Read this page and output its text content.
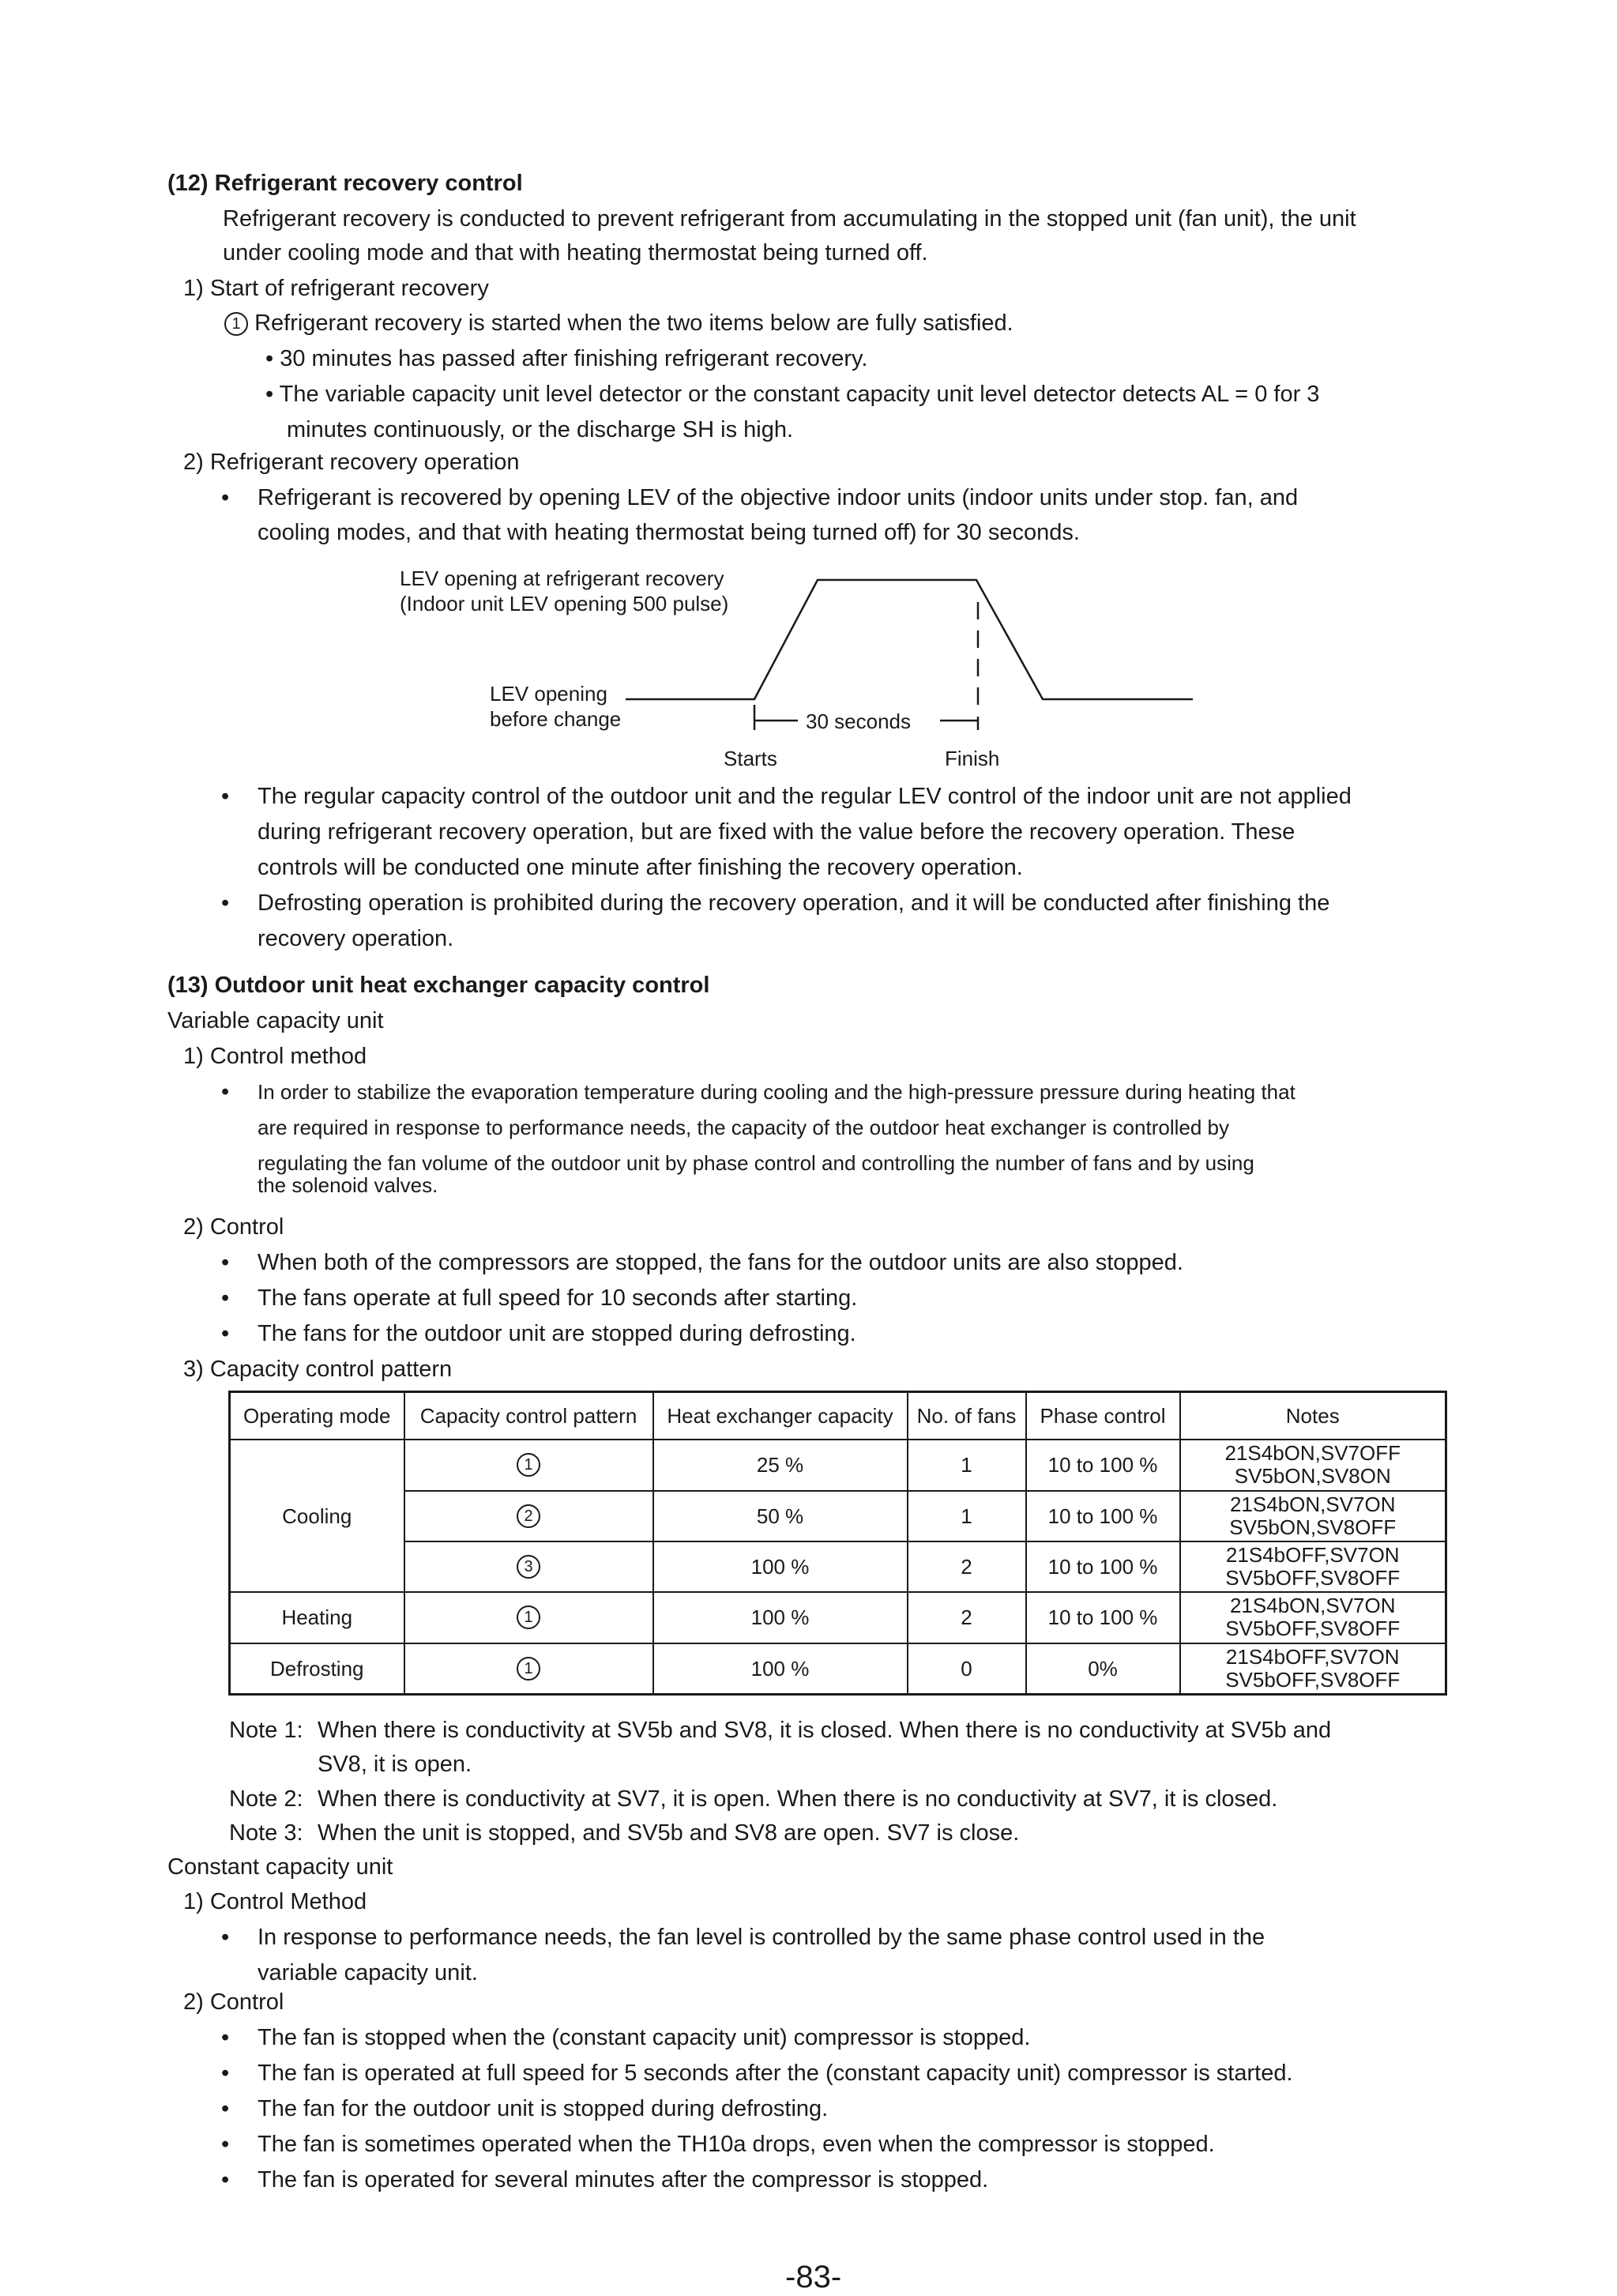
(12) Refrigerant recovery control

Refrigerant recovery is conducted to prevent refrigerant from accumulating in the stopped unit (fan unit), the unit

under cooling mode and that with heating thermostat being turned off.

1) Start of refrigerant recovery

1 Refrigerant recovery is started when the two items below are fully satisfied.

• 30 minutes has passed after finishing refrigerant recovery.

• The variable capacity unit level detector or the constant capacity unit level detector detects AL = 0 for 3

minutes continuously, or the discharge SH is high.

2) Refrigerant recovery operation

• Refrigerant is recovered by opening LEV of the objective indoor units (indoor units under stop. fan, and

cooling modes, and that with heating thermostat being turned off) for 30 seconds.

LEV opening at refrigerant recovery
(Indoor unit LEV opening 500 pulse)
LEV opening
before change	30 seconds
Starts	Finish
• The regular capacity control of the outdoor unit and the regular LEV control of the indoor unit are not applied

during refrigerant recovery operation, but are fixed with the value before the recovery operation. These

controls will be conducted one minute after finishing the recovery operation.

• Defrosting operation is prohibited during the recovery operation, and it will be conducted after finishing the

recovery operation.

(13) Outdoor unit heat exchanger capacity control

Variable capacity unit

1) Control method

• In order to stabilize the evaporation temperature during cooling and the high-pressure pressure during heating that

are required in response to performance needs, the capacity of the outdoor heat exchanger is controlled by

regulating the fan volume of the outdoor unit by phase control and controlling the number of fans and by using

the solenoid valves.

2) Control

• When both of the compressors are stopped, the fans for the outdoor units are also stopped.

• The fans operate at full speed for 10 seconds after starting.

• The fans for the outdoor unit are stopped during defrosting.

3) Capacity control pattern

Operating mode	Capacity control pattern	Heat exchanger capacity	No. of fans	Phase control	Notes
Cooling	1	25 %	1	10 to 100 %	21S4bON,SV7OFF
SV5bON,SV8ON
	2	50 %	1	10 to 100 %	21S4bON,SV7ON
SV5bON,SV8OFF
	3	100 %	2	10 to 100 %	21S4bOFF,SV7ON
SV5bOFF,SV8OFF
Heating	1	100 %	2	10 to 100 %	21S4bON,SV7ON
SV5bOFF,SV8OFF
Defrosting	1	100 %	0	0%	21S4bOFF,SV7ON
SV5bOFF,SV8OFF

Note 1: When there is conductivity at SV5b and SV8, it is closed. When there is no conductivity at SV5b and

SV8, it is open.

Note 2: When there is conductivity at SV7, it is open. When there is no conductivity at SV7, it is closed.

Note 3: When the unit is stopped, and SV5b and SV8 are open. SV7 is close.

Constant capacity unit

1) Control Method

• In response to performance needs, the fan level is controlled by the same phase control used in the

variable capacity unit.

2) Control

• The fan is stopped when the (constant capacity unit) compressor is stopped.

• The fan is operated at full speed for 5 seconds after the (constant capacity unit) compressor is started.

• The fan for the outdoor unit is stopped during defrosting.

• The fan is sometimes operated when the TH10a drops, even when the compressor is stopped.

• The fan is operated for several minutes after the compressor is stopped.

-83-
